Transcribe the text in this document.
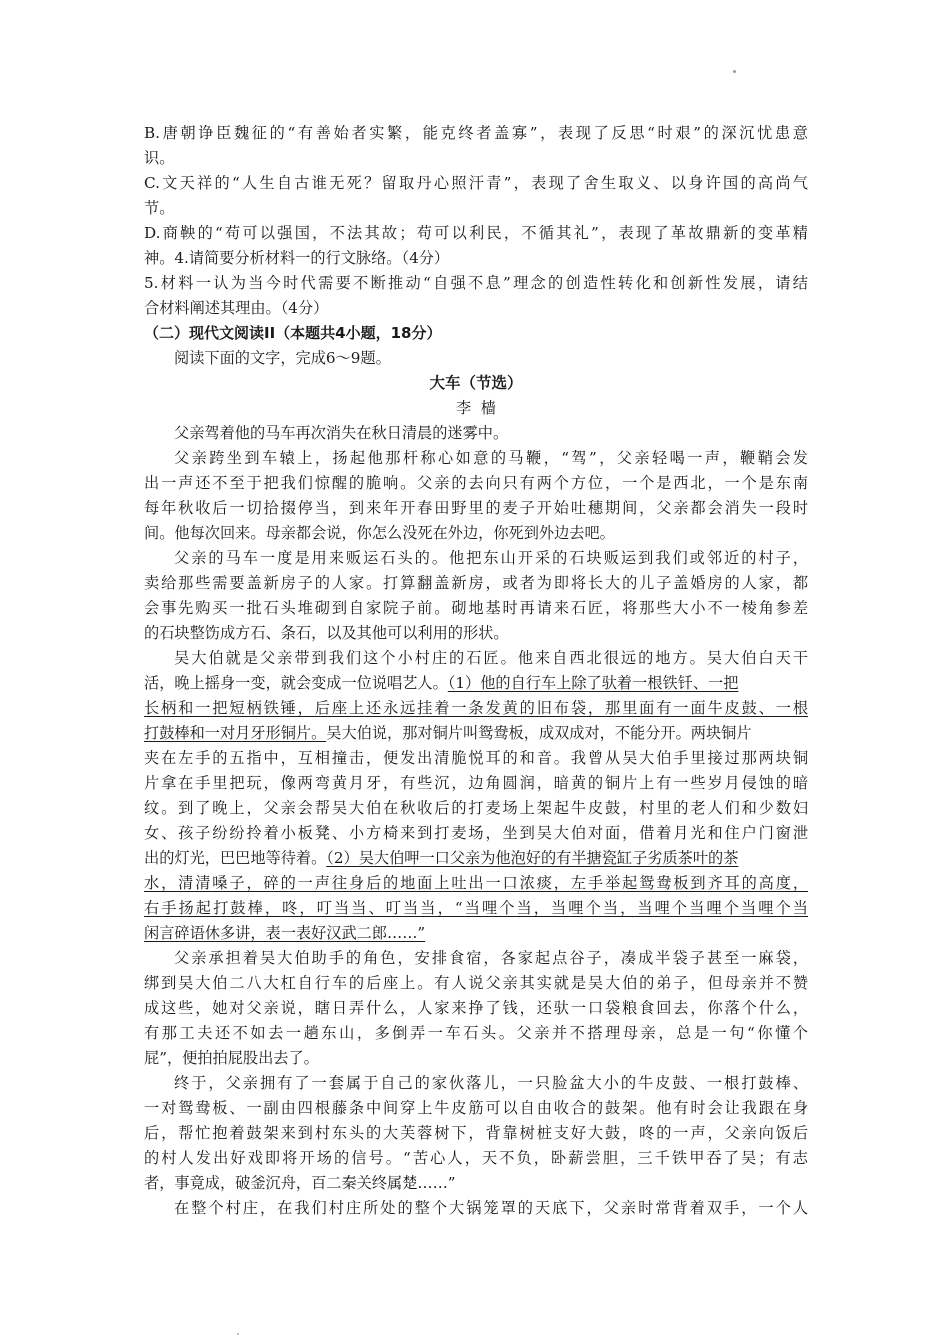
B.唐朝诤臣魏征的“有善始者实繁，能克终者盖寡”，表现了反思“时艰”的深沉忧患意
识。
C.文天祥的“人生自古谁无死？留取丹心照汗青”，表现了舍生取义、以身许国的高尚气
节。
D.商鞅的“苟可以强国，不法其故；苟可以利民，不循其礼”，表现了革故鼎新的变革精
神。4.请简要分析材料一的行文脉络。（4分）
5.材料一认为当今时代需要不断推动“自强不息”理念的创造性转化和创新性发展，请结
合材料阐述其理由。（4分）
（二）现代文阅读II（本题共4小题，18分）
阅读下面的文字，完成6～9题。
大车（节选）
李  樯
父亲驾着他的马车再次消失在秋日清晨的迷雾中。
父亲跨坐到车辕上，扬起他那杆称心如意的马鞭，“驾”，父亲轻喝一声，鞭鞘会发
出一声还不至于把我们惊醒的脆响。父亲的去向只有两个方位，一个是西北，一个是东南
每年秋收后一切拾掇停当，到来年开春田野里的麦子开始吐穗期间，父亲都会消失一段时
间。他每次回来。母亲都会说，你怎么没死在外边，你死到外边去吧。
父亲的马车一度是用来贩运石头的。他把东山开采的石块贩运到我们或邻近的村子，
卖给那些需要盖新房子的人家。打算翻盖新房，或者为即将长大的儿子盖婚房的人家，都
会事先购买一批石头堆砌到自家院子前。砌地基时再请来石匠，将那些大小不一棱角参差
的石块整饬成方石、条石，以及其他可以利用的形状。
吴大伯就是父亲带到我们这个小村庄的石匠。他来自西北很远的地方。吴大伯白天干
活，晚上摇身一变，就会变成一位说唱艺人。（1）他的自行车上除了驮着一根铁钎、一把
长柄和一把短柄铁锤，后座上还永远挂着一条发黄的旧布袋，那里面有一面牛皮鼓、一根
打鼓棒和一对月牙形铜片。吴大伯说，那对铜片叫鸳鸯板，成双成对，不能分开。两块铜片
夹在左手的五指中，互相撞击，便发出清脆悦耳的和音。我曾从吴大伯手里接过那两块铜
片拿在手里把玩，像两弯黄月牙，有些沉，边角圆润，暗黄的铜片上有一些岁月侵蚀的暗
纹。到了晚上，父亲会帮吴大伯在秋收后的打麦场上架起牛皮鼓，村里的老人们和少数妇
女、孩子纷纷拎着小板凳、小方椅来到打麦场，坐到吴大伯对面，借着月光和住户门窗泄
出的灯光，巴巴地等待着。（2）吴大伯呷一口父亲为他泡好的有半搪瓷缸子劣质茶叶的茶
水，清清嗓子，碎的一声往身后的地面上吐出一口浓痰，左手举起鸳鸯板到齐耳的高度，
右手扬起打鼓棒，咚，叮当当、叮当当，“当哩个当，当哩个当，当哩个当哩个当哩个当
闲言碎语休多讲，表一表好汉武二郎……”
父亲承担着吴大伯助手的角色，安排食宿，各家起点谷子，凑成半袋子甚至一麻袋，
绑到吴大伯二八大杠自行车的后座上。有人说父亲其实就是吴大伯的弟子，但母亲并不赞
成这些，她对父亲说，瞎日弄什么，人家来挣了钱，还驮一口袋粮食回去，你落个什么，
有那工夫还不如去一趟东山，多倒弄一车石头。父亲并不搭理母亲，总是一句“你懂个
屁”，便拍拍屁股出去了。
终于，父亲拥有了一套属于自己的家伙落儿，一只脸盆大小的牛皮鼓、一根打鼓棒、
一对鸳鸯板、一副由四根藤条中间穿上牛皮筋可以自由收合的鼓架。他有时会让我跟在身
后，帮忙抱着鼓架来到村东头的大芙蓉树下，背靠树桩支好大鼓，咚的一声，父亲向饭后
的村人发出好戏即将开场的信号。“苦心人，天不负，卧薪尝胆，三千铁甲吞了吴；有志
者，事竟成，破釜沉舟，百二秦关终属楚……”
在整个村庄，在我们村庄所处的整个大锅笼罩的天底下，父亲时常背着双手，一个人
